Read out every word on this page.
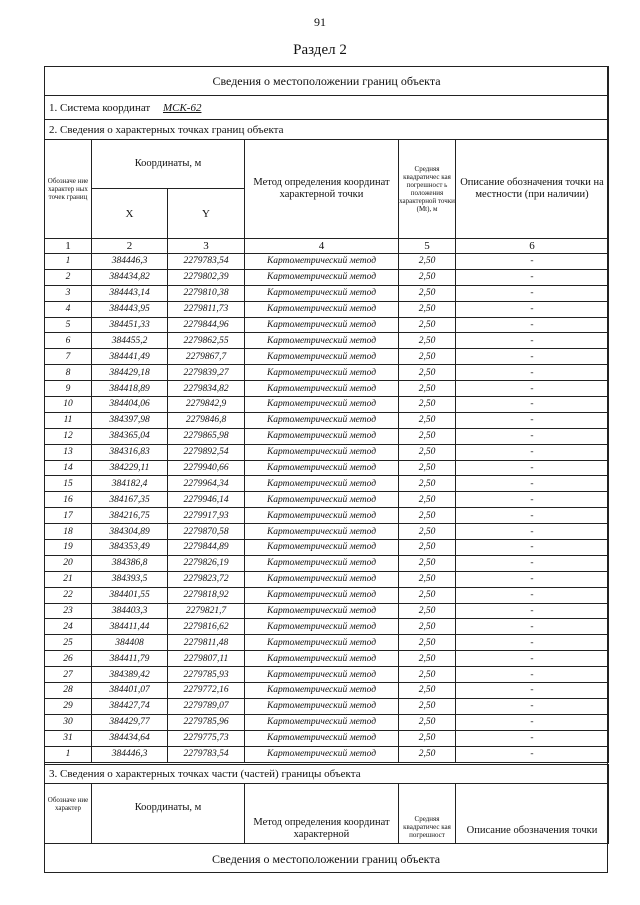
91
Раздел 2
Сведения о местоположении границ объекта					
1. Система координат МСК-62					
2. Сведения о характерных точках границ объекта					
Обозначе ние характер ных точек границ	Координаты, м		Метод определения координат характерной точки	Средняя квадратичес кая погрешност ь положения характерной точки (Mt), м	Описание обозначения точки на местности (при наличии)
	X	Y			
1	2	3	4	5	6
1	384446,3	2279783,54	Картометрический метод	2,50	-
2	384434,82	2279802,39	Картометрический метод	2,50	-
3	384443,14	2279810,38	Картометрический метод	2,50	-
4	384443,95	2279811,73	Картометрический метод	2,50	-
5	384451,33	2279844,96	Картометрический метод	2,50	-
6	384455,2	2279862,55	Картометрический метод	2,50	-
7	384441,49	2279867,7	Картометрический метод	2,50	-
8	384429,18	2279839,27	Картометрический метод	2,50	-
9	384418,89	2279834,82	Картометрический метод	2,50	-
10	384404,06	2279842,9	Картометрический метод	2,50	-
11	384397,98	2279846,8	Картометрический метод	2,50	-
12	384365,04	2279865,98	Картометрический метод	2,50	-
13	384316,83	2279892,54	Картометрический метод	2,50	-
14	384229,11	2279940,66	Картометрический метод	2,50	-
15	384182,4	2279964,34	Картометрический метод	2,50	-
16	384167,35	2279946,14	Картометрический метод	2,50	-
17	384216,75	2279917,93	Картометрический метод	2,50	-
18	384304,89	2279870,58	Картометрический метод	2,50	-
19	384353,49	2279844,89	Картометрический метод	2,50	-
20	384386,8	2279826,19	Картометрический метод	2,50	-
21	384393,5	2279823,72	Картометрический метод	2,50	-
22	384401,55	2279818,92	Картометрический метод	2,50	-
23	384403,3	2279821,7	Картометрический метод	2,50	-
24	384411,44	2279816,62	Картометрический метод	2,50	-
25	384408	2279811,48	Картометрический метод	2,50	-
26	384411,79	2279807,11	Картометрический метод	2,50	-
27	384389,42	2279785,93	Картометрический метод	2,50	-
28	384401,07	2279772,16	Картометрический метод	2,50	-
29	384427,74	2279789,07	Картометрический метод	2,50	-
30	384429,77	2279785,96	Картометрический метод	2,50	-
31	384434,64	2279775,73	Картометрический метод	2,50	-
1	384446,3	2279783,54	Картометрический метод	2,50	-
3. Сведения о характерных точках части (частей) границы объекта
Обозначе ние характер	Координаты, м	Метод определения координат характерной	Средняя квадратичес кая погрешност	Описание обозначения точки
Сведения о местоположении границ объекта
